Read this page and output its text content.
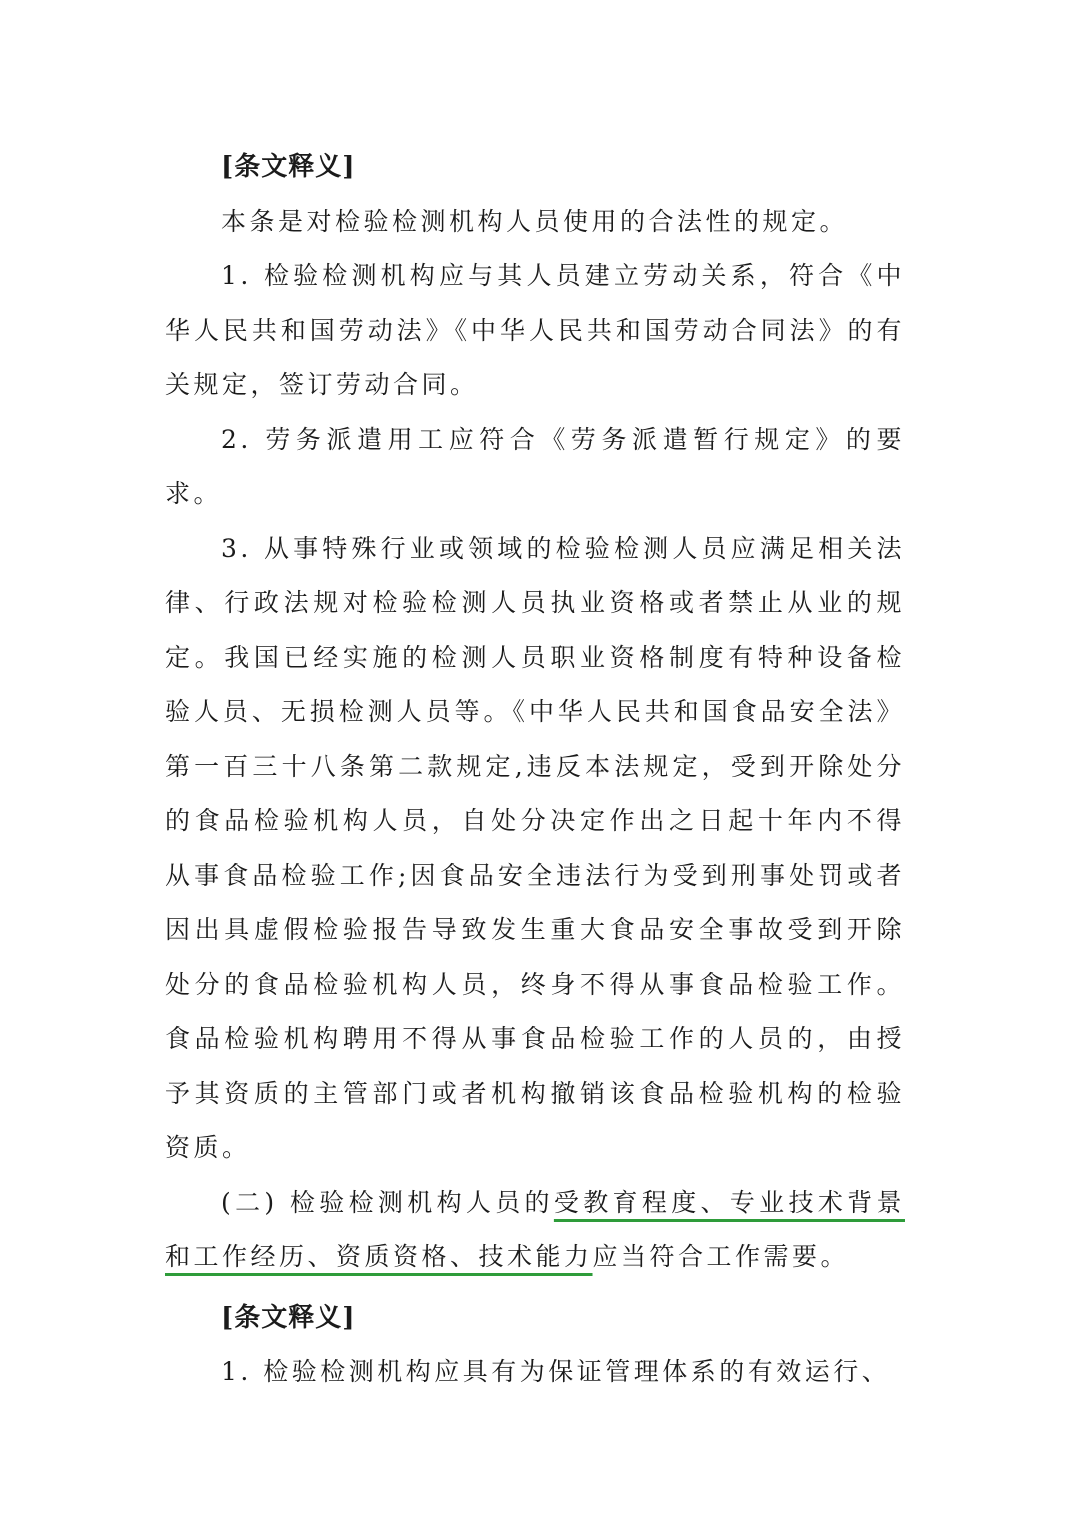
[条文释义]

本条是对检验检测机构人员使用的合法性的规定。

1. 检验检测机构应与其人员建立劳动关系，符合《中华人民共和国劳动法》《中华人民共和国劳动合同法》的有关规定，签订劳动合同。

2. 劳务派遣用工应符合《劳务派遣暂行规定》的要求。

3. 从事特殊行业或领域的检验检测人员应满足相关法律、行政法规对检验检测人员执业资格或者禁止从业的规定。我国已经实施的检测人员职业资格制度有特种设备检验人员、无损检测人员等。《中华人民共和国食品安全法》第一百三十八条第二款规定,违反本法规定，受到开除处分的食品检验机构人员，自处分决定作出之日起十年内不得从事食品检验工作;因食品安全违法行为受到刑事处罚或者因出具虚假检验报告导致发生重大食品安全事故受到开除处分的食品检验机构人员，终身不得从事食品检验工作。食品检验机构聘用不得从事食品检验工作的人员的，由授予其资质的主管部门或者机构撤销该食品检验机构的检验资质。

(二) 检验检测机构人员的受教育程度、专业技术背景和工作经历、资质资格、技术能力应当符合工作需要。

[条文释义]

1. 检验检测机构应具有为保证管理体系的有效运行、
